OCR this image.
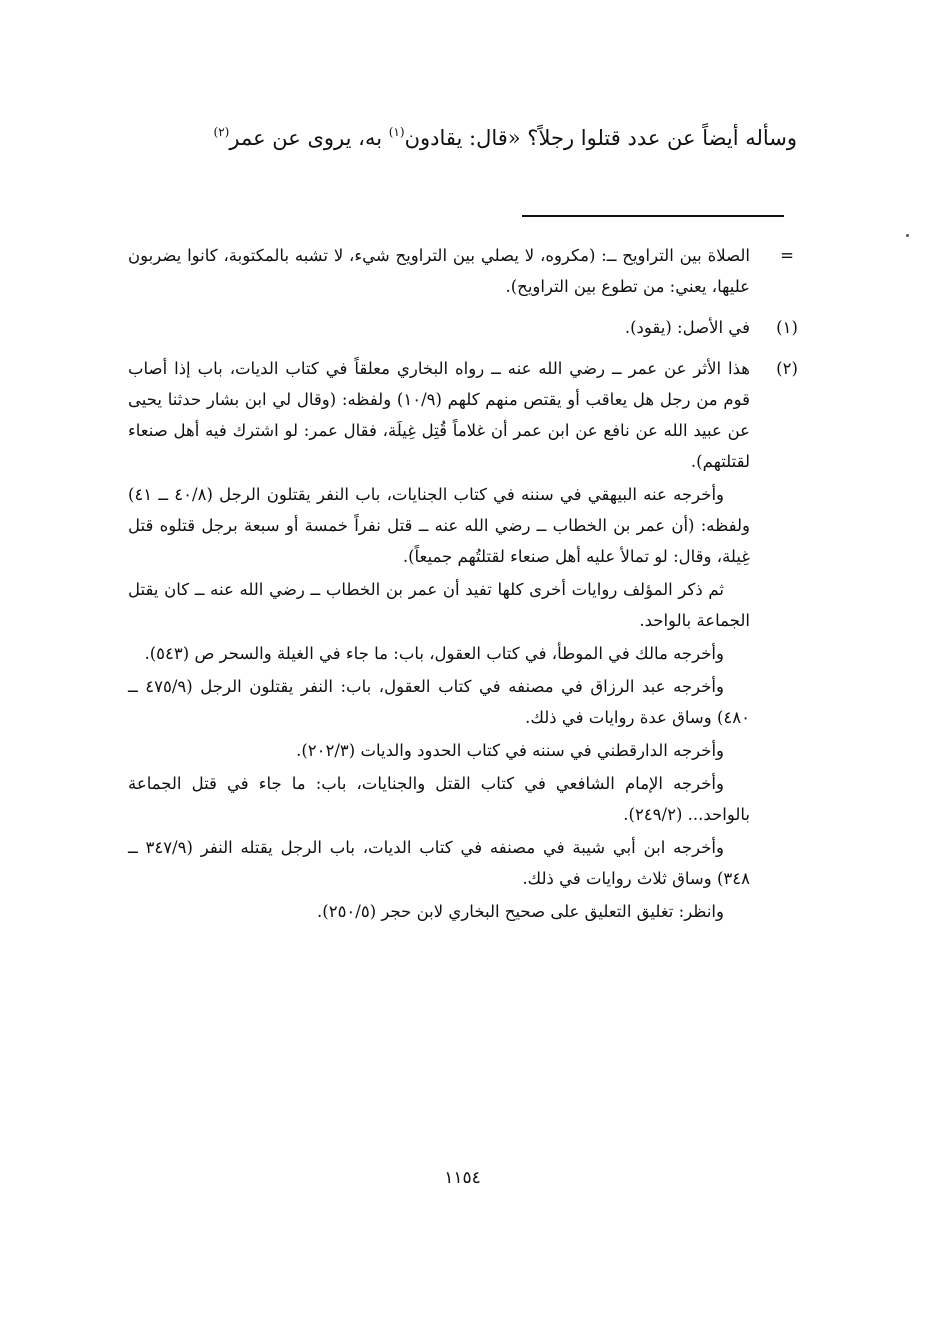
وسأله أيضاً عن عدد قتلوا رجلاً؟ «قال: يقادون$^{(١)}$ به، يروى عن عمر$^{(٢)}$
=

الصلاة بين التراويح ــ: (مكروه، لا يصلي بين التراويح شيء، لا تشبه بالمكتوبة، كانوا يضربون عليها، يعني: من تطوع بين التراويح).

(١)

في الأصل: (يقود).

(٢)

هذا الأثر عن عمر ــ رضي الله عنه ــ رواه البخاري معلقاً في كتاب الديات، باب إذا أصاب قوم من رجل هل يعاقب أو يقتص منهم كلهم (١٠/٩) ولفظه: (وقال لي ابن بشار حدثنا يحيى عن عبيد الله عن نافع عن ابن عمر أن غلاماً قُتِل غِيلَة، فقال عمر: لو اشترك فيه أهل صنعاء لقتلتهم).

وأخرجه عنه البيهقي في سننه في كتاب الجنايات، باب النفر يقتلون الرجل (٤٠/٨ ــ ٤١) ولفظه: (أن عمر بن الخطاب ــ رضي الله عنه ــ قتل نفراً خمسة أو سبعة برجل قتلوه قتل غِيلة، وقال: لو تمالأ عليه أهل صنعاء لقتلتُهم جميعاً).

ثم ذكر المؤلف روايات أخرى كلها تفيد أن عمر بن الخطاب ــ رضي الله عنه ــ كان يقتل الجماعة بالواحد.

وأخرجه مالك في الموطأ، في كتاب العقول، باب: ما جاء في الغيلة والسحر ص (٥٤٣).

وأخرجه عبد الرزاق في مصنفه في كتاب العقول، باب: النفر يقتلون الرجل (٤٧٥/٩ ــ ٤٨٠) وساق عدة روايات في ذلك.

وأخرجه الدارقطني في سننه في كتاب الحدود والديات (٢٠٢/٣).

وأخرجه الإمام الشافعي في كتاب القتل والجنايات، باب: ما جاء في قتل الجماعة بالواحد... (٢٤٩/٢).

وأخرجه ابن أبي شيبة في مصنفه في كتاب الديات، باب الرجل يقتله النفر (٣٤٧/٩ ــ ٣٤٨) وساق ثلاث روايات في ذلك.

وانظر: تغليق التعليق على صحيح البخاري لابن حجر (٢٥٠/٥).

١١٥٤
